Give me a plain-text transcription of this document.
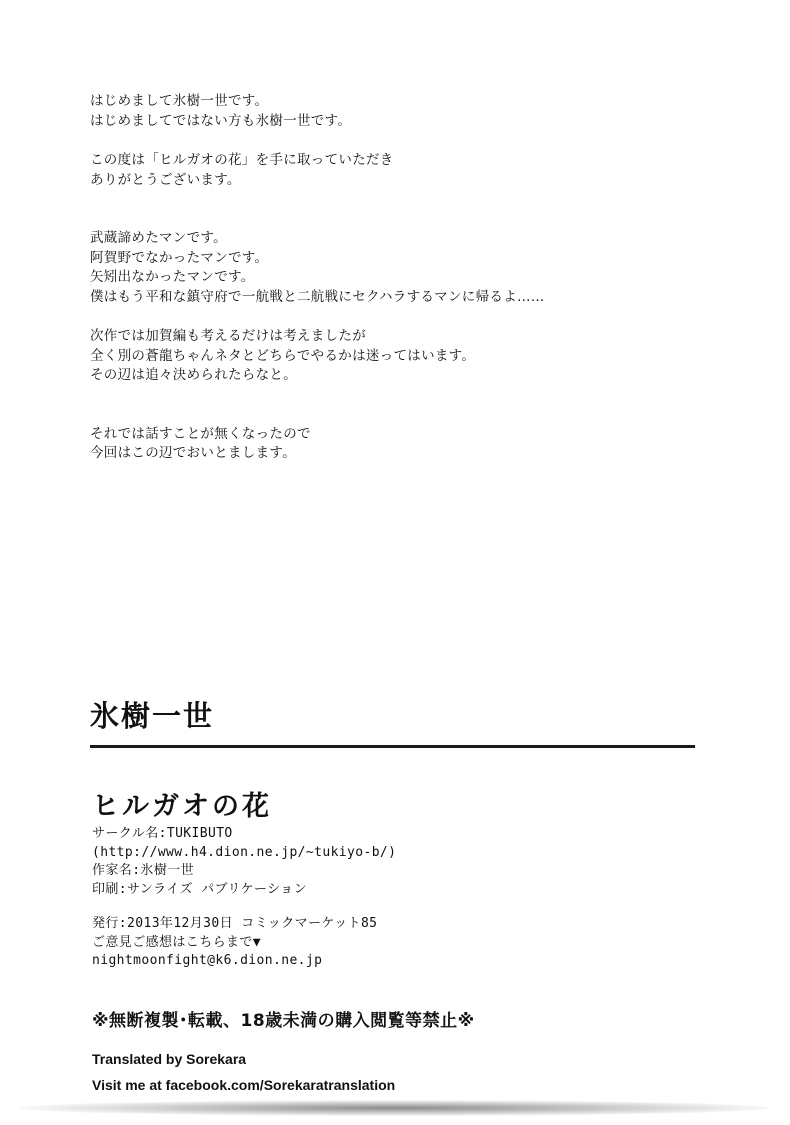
はじめまして氷樹一世です。
はじめましてではない方も氷樹一世です。
この度は「ヒルガオの花」を手に取っていただき
ありがとうございます。
武蔵諦めたマンです。
阿賀野でなかったマンです。
矢矧出なかったマンです。
僕はもう平和な鎮守府で一航戦と二航戦にセクハラするマンに帰るよ……
次作では加賀編も考えるだけは考えましたが
全く別の蒼龍ちゃんネタとどちらでやるかは迷ってはいます。
その辺は追々決められたらなと。
それでは話すことが無くなったので
今回はこの辺でおいとまします。
氷樹一世
ヒルガオの花
サークル名:TUKIBUTO
(http://www.h4.dion.ne.jp/~tukiyo-b/)
作家名:氷樹一世
印刷:サンライズ パブリケーション
発行:2013年12月30日 コミックマーケット85
ご意見ご感想はこちらまで▼
nightmoonfight@k6.dion.ne.jp
※無断複製･転載、18歳未満の購入閲覧等禁止※
Translated by Sorekara
Visit me at facebook.com/Sorekaratranslation
